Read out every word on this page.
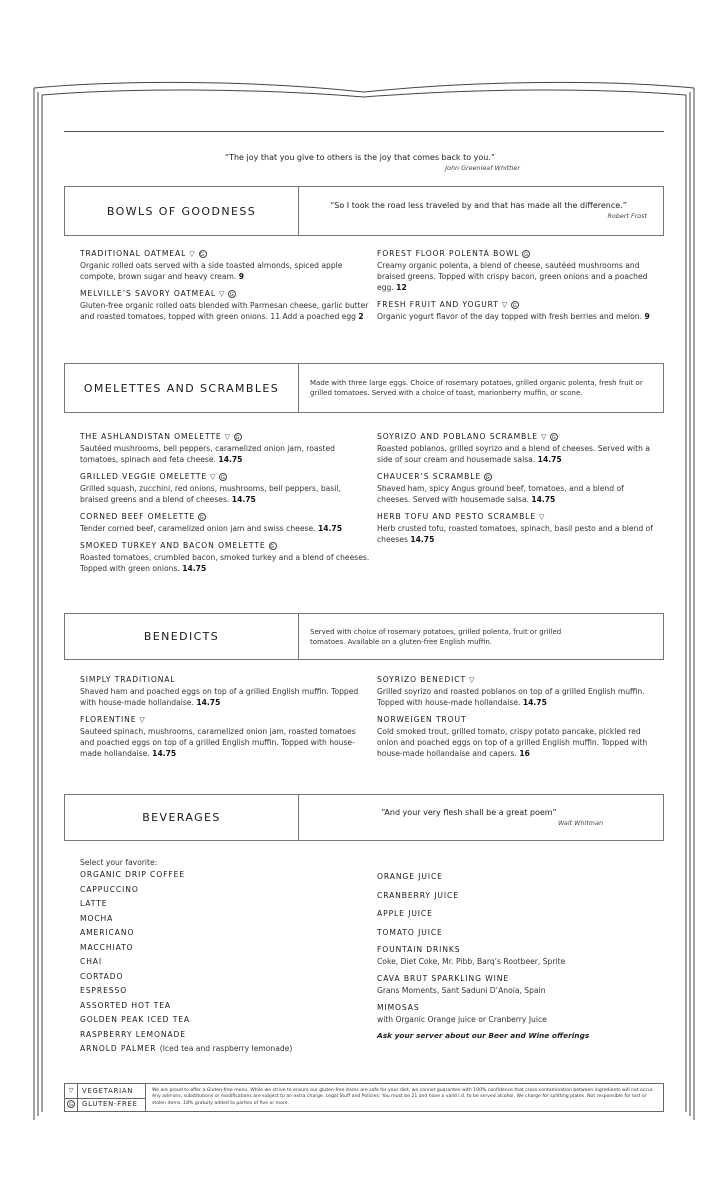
“The joy that you give to others is the joy that comes back to you.”
John Greenleaf Whittier
BOWLS OF GOODNESS	“So I took the road less traveled by and that has made all the difference.”
Robert Frost
TRADITIONAL OATMEAL ▽ G
Organic rolled oats served with a side toasted almonds, spiced apple compote, brown sugar and heavy cream. 9
MELVILLE’S SAVORY OATMEAL ▽ G
Gluten-free organic rolled oats blended with Parmesan cheese, garlic butter and roasted tomatoes, topped with green onions. 11 Add a poached egg 2
FOREST FLOOR POLENTA BOWL G
Creamy organic polenta, a blend of cheese, sautéed mushrooms and braised greens. Topped with crispy bacon, green onions and a poached egg. 12
FRESH FRUIT AND YOGURT ▽ G
Organic yogurt flavor of the day topped with fresh berries and melon. 9
OMELETTES AND SCRAMBLES	Made with three large eggs. Choice of rosemary potatoes, grilled organic polenta, fresh fruit or grilled tomatoes. Served with a choice of toast, marionberry muffin, or scone.
THE ASHLANDISTAN OMELETTE ▽ G
Sautéed mushrooms, bell peppers, caramelized onion jam, roasted tomatoes, spinach and feta cheese. 14.75
GRILLED VEGGIE OMELETTE ▽ G
Grilled squash, zucchini, red onions, mushrooms, bell peppers, basil, braised greens and a blend of cheeses. 14.75
CORNED BEEF OMELETTE G
Tender corned beef, caramelized onion jam and swiss cheese. 14.75
SMOKED TURKEY AND BACON OMELETTE G
Roasted tomatoes, crumbled bacon, smoked turkey and a blend of cheeses. Topped with green onions. 14.75
SOYRIZO AND POBLANO SCRAMBLE ▽ G
Roasted poblanos, grilled soyrizo and a blend of cheeses. Served with a side of sour cream and housemade salsa. 14.75
CHAUCER’S SCRAMBLE G
Shaved ham, spicy Angus ground beef, tomatoes, and a blend of cheeses. Served with housemade salsa. 14.75
HERB TOFU AND PESTO SCRAMBLE ▽
Herb crusted tofu, roasted tomatoes, spinach, basil pesto and a blend of cheeses 14.75
BENEDICTS	Served with choice of rosemary potatoes, grilled polenta, fruit or grilled tomatoes. Available on a gluten-free English muffin.
SIMPLY TRADITIONAL
Shaved ham and poached eggs on top of a grilled English muffin. Topped with house-made hollandaise. 14.75
FLORENTINE ▽
Sauteed spinach, mushrooms, caramelized onion jam, roasted tomatoes and poached eggs on top of a grilled English muffin. Topped with house-made hollandaise. 14.75
SOYRIZO BENEDICT ▽
Grilled soyrizo and roasted poblanos on top of a grilled English muffin. Topped with house-made hollandaise. 14.75
NORWEIGEN TROUT
Cold smoked trout, grilled tomato, crispy potato pancake, pickled red onion and poached eggs on top of a grilled English muffin. Topped with house-made hollandaise and capers. 16
BEVERAGES	“And your very flesh shall be a great poem”
Walt Whitman
Select your favorite:
ORGANIC DRIP COFFEE
CAPPUCCINO
LATTE
MOCHA
AMERICANO
MACCHIATO
CHAI
CORTADO
ESPRESSO
ASSORTED HOT TEA
GOLDEN PEAK ICED TEA
RASPBERRY LEMONADE
ARNOLD PALMER (Iced tea and raspberry lemonade)
ORANGE JUICE
CRANBERRY JUICE
APPLE JUICE
TOMATO JUICE
FOUNTAIN DRINKS
Coke, Diet Coke, Mr. Pibb, Barq’s Rootbeer, Sprite
CAVA BRUT SPARKLING WINE
Grans Moments, Sant Saduni D’Anoia, Spain
MIMOSAS
with Organic Orange juice or Cranberry Juice
Ask your server about our Beer and Wine offerings
▽	VEGETARIAN
G	GLUTEN-FREE
We are proud to offer a Gluten-free menu. While we strive to ensure our gluten-free items are safe for your diet, we cannot guarantee with 100% confidence that cross-contamination between ingredients will not occur. Any add-ons, substitutions or modifications are subject to an extra charge. Legal Stuff and Policies: You must be 21 and have a valid i.d. to be served alcohol. We charge for splitting plates. Not responsible for lost or stolen items. 18% gratuity added to parties of five or more.
